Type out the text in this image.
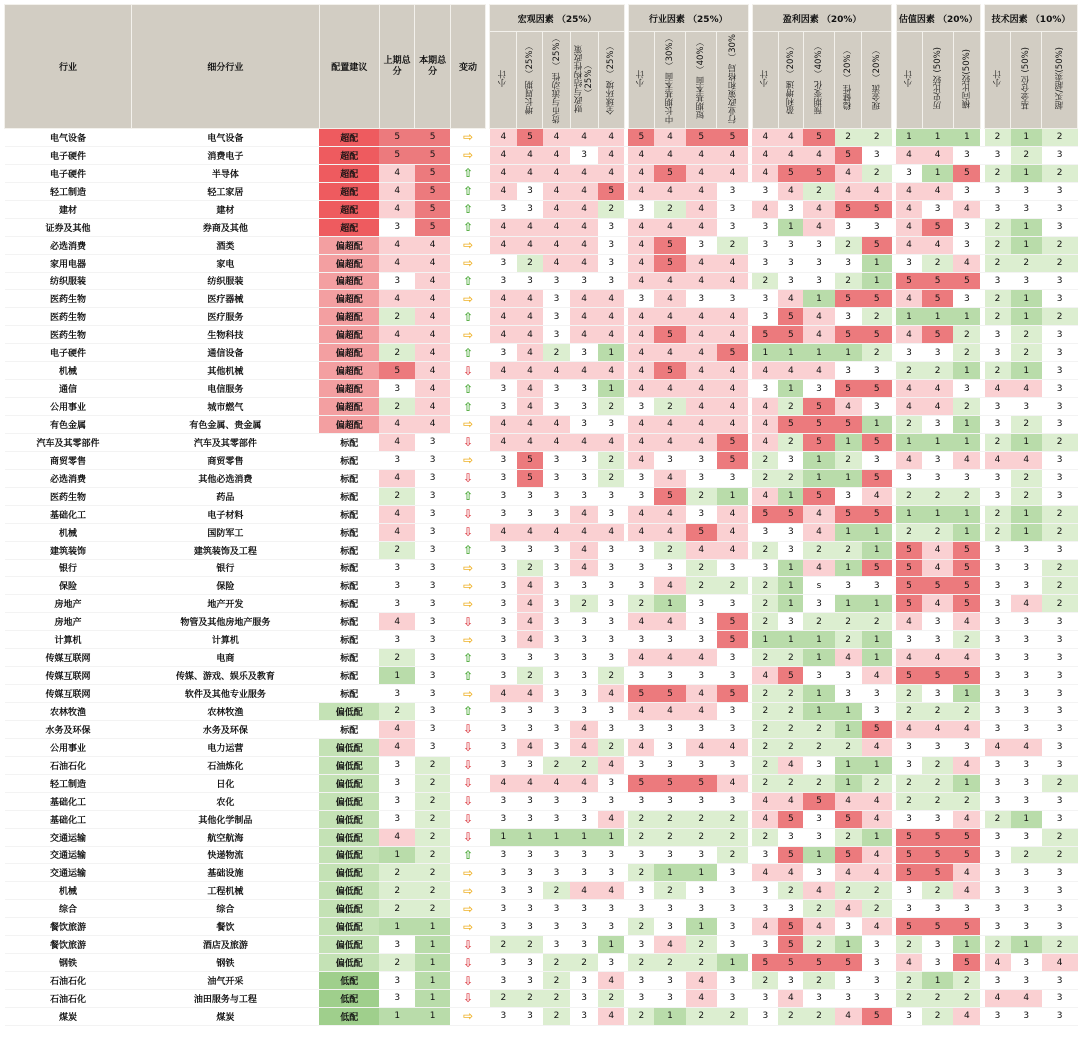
行业	细分行业	配置建议	上期总分	本期总分	变动		宏观因素 （25%）						行业因素 （25%）					盈利因素 （20%）						估值因素 （20%）				技术因素 （10%）		
							小计	增长周期 （25%）	货币与流动性 （25%）	财政与结构性政策 （25%）	全球环境 （25%）		小计	中长期基本面 （30%）	短期基本面 （40%）	行业政策和格局 （30%		小计	盈利增速 （20%）	预期变化 （40%）	稳健性 （20%）	现金流 （20%）		小计	历史比较 (50%)	横向比较(50%)		小计	基金仓位 (50%)	超买/超卖(50%)
电气设备	电气设备	超配	5	5	⇨		4	5	4	4	4		5	4	5	5		4	4	5	2	2		1	1	1		2	1	2
电子硬件	消费电子	超配	5	5	⇨		4	4	4	3	4		4	4	4	4		4	4	4	5	3		4	4	3		3	2	3
电子硬件	半导体	超配	4	5	⇧		4	4	4	4	4		4	5	4	4		4	5	5	4	2		3	1	5		2	1	2
轻工制造	轻工家居	超配	4	5	⇧		4	3	4	4	5		4	4	4	3		3	4	2	4	4		4	4	3		3	3	3
建材	建材	超配	4	5	⇧		3	3	4	4	2		3	2	4	3		4	3	4	5	5		4	3	4		3	3	3
证券及其他	券商及其他	超配	3	5	⇧		4	4	4	4	3		4	4	4	3		3	1	4	3	3		4	5	3		2	1	3
必选消费	酒类	偏超配	4	4	⇨		4	4	4	4	3		4	5	3	2		3	3	3	2	5		4	4	3		2	1	2
家用电器	家电	偏超配	4	4	⇨		3	2	4	4	3		4	5	4	4		3	3	3	3	1		3	2	4		2	2	2
纺织服装	纺织服装	偏超配	3	4	⇧		3	3	3	3	3		4	4	4	4		2	3	3	2	1		5	5	5		3	3	3
医药生物	医疗器械	偏超配	4	4	⇨		4	4	3	4	4		3	4	3	3		3	4	1	5	5		4	5	3		2	1	3
医药生物	医疗服务	偏超配	2	4	⇧		4	4	3	4	4		4	4	4	4		3	5	4	3	2		1	1	1		2	1	2
医药生物	生物科技	偏超配	4	4	⇨		4	4	3	4	4		4	5	4	4		5	5	4	5	5		4	5	2		3	2	3
电子硬件	通信设备	偏超配	2	4	⇧		3	4	2	3	1		4	4	4	5		1	1	1	1	2		3	3	2		3	2	3
机械	其他机械	偏超配	5	4	⇩		4	4	4	4	4		4	5	4	4		4	4	4	3	3		2	2	1		2	1	3
通信	电信服务	偏超配	3	4	⇧		3	4	3	3	1		4	4	4	4		3	1	3	5	5		4	4	3		4	4	3
公用事业	城市燃气	偏超配	2	4	⇧		3	4	3	3	2		3	2	4	4		4	2	5	4	3		4	4	2		3	3	3
有色金属	有色金属、贵金属	偏超配	4	4	⇨		4	4	4	3	3		4	4	4	4		4	5	5	5	1		2	3	1		3	2	3
汽车及其零部件	汽车及其零部件	标配	4	3	⇩		4	4	4	4	4		4	4	4	5		4	2	5	1	5		1	1	1		2	1	2
商贸零售	商贸零售	标配	3	3	⇨		3	5	3	3	2		4	3	3	5		2	3	1	2	3		4	3	4		4	4	3
必选消费	其他必选消费	标配	4	3	⇩		3	5	3	3	2		3	4	3	3		2	2	1	1	5		3	3	3		3	2	3
医药生物	药品	标配	2	3	⇧		3	3	3	3	3		3	5	2	1		4	1	5	3	4		2	2	2		3	2	3
基础化工	电子材料	标配	4	3	⇩		3	3	3	4	3		4	4	3	4		5	5	4	5	5		1	1	1		2	1	2
机械	国防军工	标配	4	3	⇩		4	4	4	4	4		4	4	5	4		3	3	4	1	1		2	2	1		2	1	2
建筑装饰	建筑装饰及工程	标配	2	3	⇧		3	3	3	4	3		3	2	4	4		2	3	2	2	1		5	4	5		3	3	3
银行	银行	标配	3	3	⇨		3	2	3	4	3		3	3	2	3		3	1	4	1	5		5	4	5		3	3	2
保险	保险	标配	3	3	⇨		3	4	3	3	3		3	4	2	2		2	1	s	3	3		5	5	5		3	3	2
房地产	地产开发	标配	3	3	⇨		3	4	3	2	3		2	1	3	3		2	1	3	1	1		5	4	5		3	4	2
房地产	物管及其他房地产服务	标配	4	3	⇩		3	4	3	3	3		4	4	3	5		2	3	2	2	2		4	3	4		3	3	3
计算机	计算机	标配	3	3	⇨		3	4	3	3	3		3	3	3	5		1	1	1	2	1		3	3	2		3	3	3
传媒互联网	电商	标配	2	3	⇧		3	3	3	3	3		4	4	4	3		2	2	1	4	1		4	4	4		3	3	3
传媒互联网	传媒、游戏、娱乐及教育	标配	1	3	⇧		3	2	3	3	2		3	3	3	3		4	5	3	3	4		5	5	5		3	3	3
传媒互联网	软件及其他专业服务	标配	3	3	⇨		4	4	3	3	4		5	5	4	5		2	2	1	3	3		2	3	1		3	3	3
农林牧渔	农林牧渔	偏低配	2	3	⇧		3	3	3	3	3		4	4	4	3		2	2	1	1	3		2	2	2		3	3	3
水务及环保	水务及环保	标配	4	3	⇩		3	3	3	4	3		3	3	3	3		2	2	2	1	5		4	4	4		3	3	3
公用事业	电力运营	偏低配	4	3	⇩		3	4	3	4	2		4	3	4	4		2	2	2	2	4		3	3	3		4	4	3
石油石化	石油炼化	偏低配	3	2	⇩		3	3	2	2	4		3	3	3	3		2	4	3	1	1		3	2	4		3	3	3
轻工制造	日化	偏低配	3	2	⇩		4	4	4	4	3		5	5	5	4		2	2	2	1	2		2	2	1		3	3	2
基础化工	农化	偏低配	3	2	⇩		3	3	3	3	3		3	3	3	3		4	4	5	4	4		2	2	2		3	3	3
基础化工	其他化学制品	偏低配	3	2	⇩		3	3	3	3	4		2	2	2	2		4	5	3	5	4		3	3	4		2	1	3
交通运输	航空航海	偏低配	4	2	⇩		1	1	1	1	1		2	2	2	2		2	3	3	2	1		5	5	5		3	3	2
交通运输	快递物流	偏低配	1	2	⇧		3	3	3	3	3		3	3	3	2		3	5	1	5	4		5	5	5		3	2	2
交通运输	基础设施	偏低配	2	2	⇨		3	3	3	3	3		2	1	1	3		4	4	3	4	4		5	5	4		3	3	3
机械	工程机械	偏低配	2	2	⇨		3	3	2	4	4		3	2	3	3		3	2	4	2	2		3	2	4		3	3	3
综合	综合	偏低配	2	2	⇨		3	3	3	3	3		3	3	3	3		3	3	2	4	2		3	3	3		3	3	3
餐饮旅游	餐饮	偏低配	1	1	⇨		3	3	3	3	3		2	3	1	3		4	5	4	3	4		5	5	5		3	3	3
餐饮旅游	酒店及旅游	偏低配	3	1	⇩		2	2	3	3	1		3	4	2	3		3	5	2	1	3		2	3	1		2	1	2
钢铁	钢铁	偏低配	2	1	⇩		3	3	2	2	3		2	2	2	1		5	5	5	5	3		4	3	5		4	3	4
石油石化	油气开采	低配	3	1	⇩		3	3	2	3	4		3	3	4	3		2	3	2	3	3		2	1	2		3	3	3
石油石化	油田服务与工程	低配	3	1	⇩		2	2	2	3	2		3	3	4	3		3	4	3	3	3		2	2	2		4	4	3
煤炭	煤炭	低配	1	1	⇨		3	3	2	3	4		2	1	2	2		3	2	2	4	5		3	2	4		3	3	3
